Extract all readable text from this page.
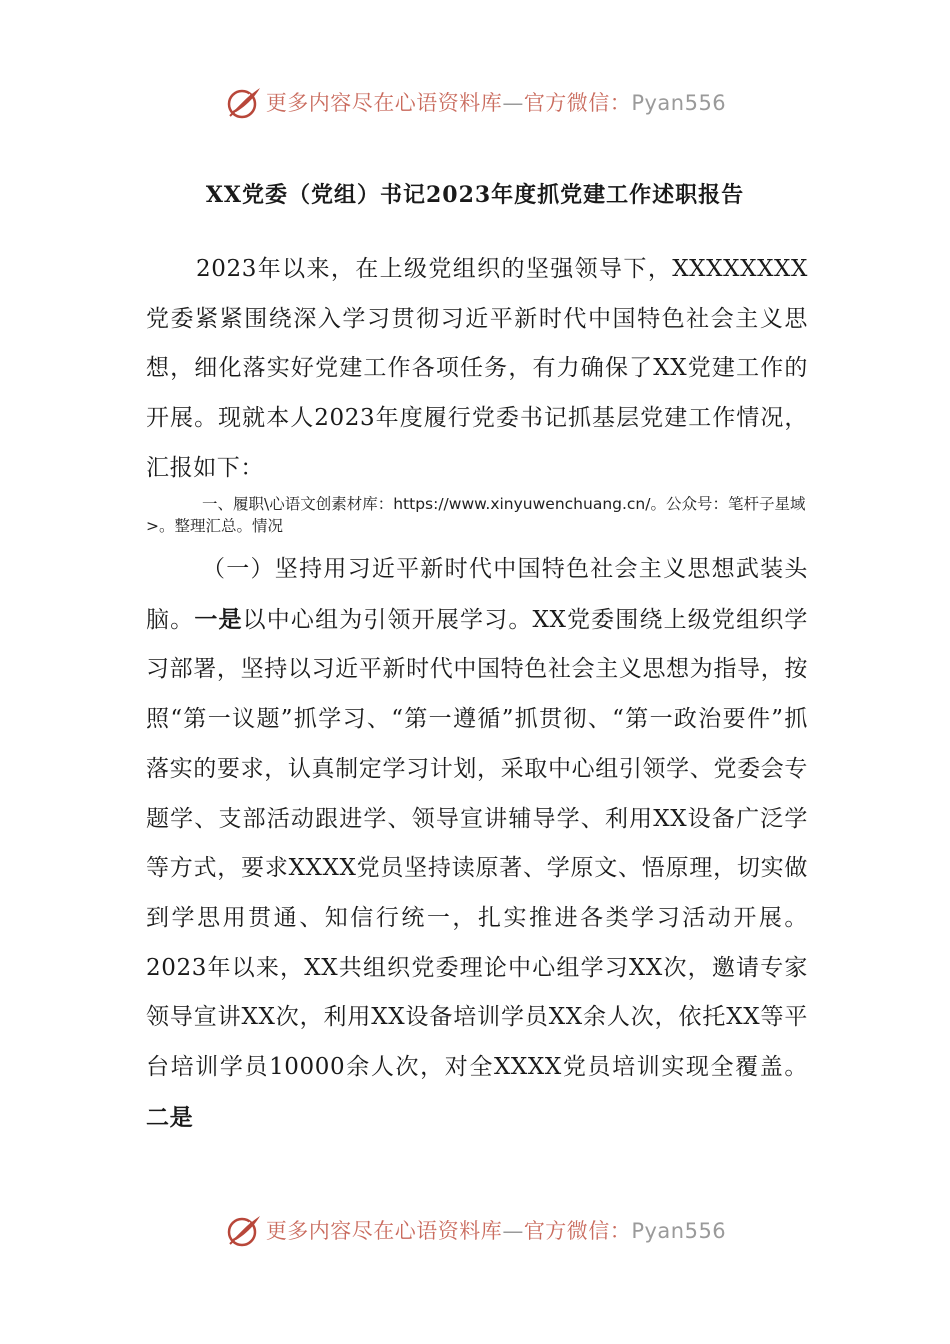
更多内容尽在心语资料库—官方微信：Pyan556
XX党委（党组）书记2023年度抓党建工作述职报告
2023年以来，在上级党组织的坚强领导下，XXXXXXXX党委紧紧围绕深入学习贯彻习近平新时代中国特色社会主义思想，细化落实好党建工作各项任务，有力确保了XX党建工作的开展。现就本人2023年度履行党委书记抓基层党建工作情况，汇报如下：
一、履职\心语文创素材库：https://www.xinyuwenchuang.cn/。公众号：笔杆子星域>。整理汇总。情况
（一）坚持用习近平新时代中国特色社会主义思想武装头脑。一是以中心组为引领开展学习。XX党委围绕上级党组织学习部署，坚持以习近平新时代中国特色社会主义思想为指导，按照“第一议题”抓学习、“第一遵循”抓贯彻、“第一政治要件”抓落实的要求，认真制定学习计划，采取中心组引领学、党委会专题学、支部活动跟进学、领导宣讲辅导学、利用XX设备广泛学等方式，要求XXXX党员坚持读原著、学原文、悟原理，切实做到学思用贯通、知信行统一，扎实推进各类学习活动开展。2023年以来，XX共组织党委理论中心组学习XX次，邀请专家领导宣讲XX次，利用XX设备培训学员XX余人次，依托XX等平台培训学员10000余人次，对全XXXX党员培训实现全覆盖。二是
更多内容尽在心语资料库—官方微信：Pyan556
